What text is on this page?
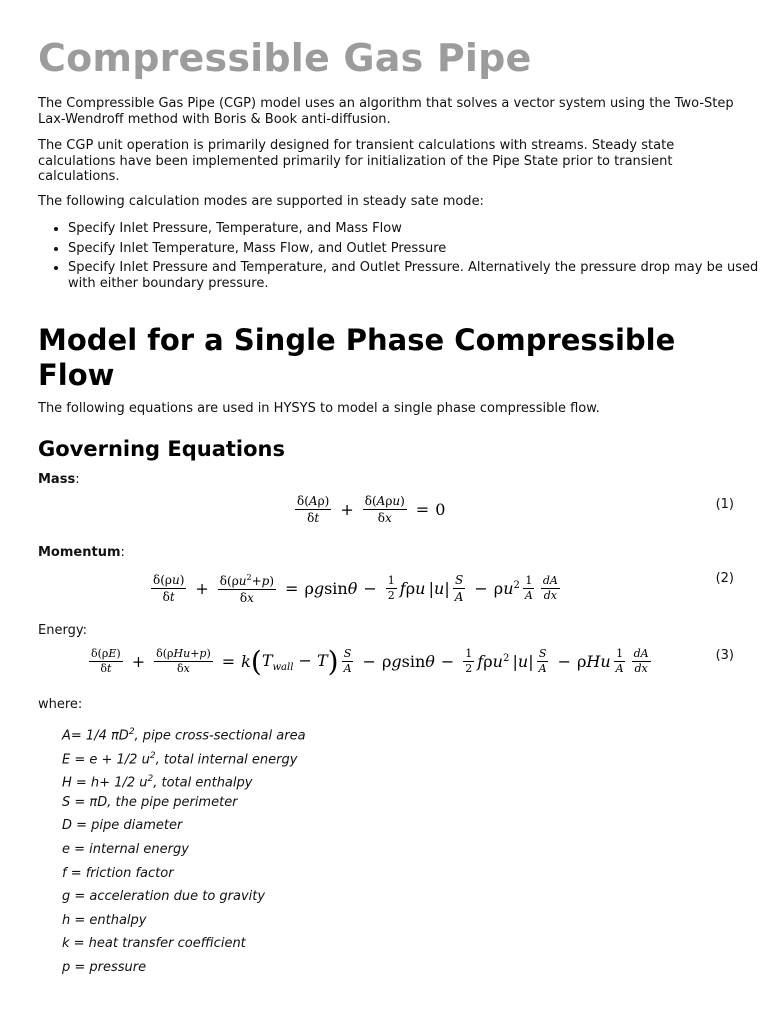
Compressible Gas Pipe

The Compressible Gas Pipe (CGP) model uses an algorithm that solves a vector system using the Two-Step Lax-Wendroff method with Boris & Book anti-diffusion.

The CGP unit operation is primarily designed for transient calculations with streams. Steady state calculations have been implemented primarily for initialization of the Pipe State prior to transient calculations.

The following calculation modes are supported in steady sate mode:

• Specify Inlet Pressure, Temperature, and Mass Flow
• Specify Inlet Temperature, Mass Flow, and Outlet Pressure
• Specify Inlet Pressure and Temperature, and Outlet Pressure. Alternatively the pressure drop may be used with either boundary pressure.
Model for a Single Phase Compressible Flow

The following equations are used in HYSYS to model a single phase compressible flow.

Governing Equations

Mass:

$\frac{\delta(A\rho)}{\delta t} + \frac{\text{δ(Aρu)}}{\delta x} = 0$	(1)

Momentum:

$\frac{\delta(\rho u)}{\delta t} + \frac{\delta(\rho u^2+p)}{\delta x} = \rho gsin\theta - \frac{1}{2}$ fρu $|u| \frac{S}{A} - \rho u^2 \frac{1}{A} \frac{dA}{dx}$	(2)

Energy:

$\frac{\delta(\rho E)}{\delta t} + \frac{\text{δ(ρHu+p)}}{\delta x} = k$ ( $T_{wall} - T$ ) $\frac{S}{A} - \rho gsin\theta - \frac{1}{2} f\rho u^2$ $|u| \frac{S}{A} - \rho Hu \frac{1}{A} \frac{dA}{dx}$	(3)

where:

A= 1/4 $\pi D^2$, pipe cross-sectional area
E = e + 1/2 $u^2$, total internal energy
H = h+ 1/2 $u^2$, total enthalpy
S = πD, the pipe perimeter
D = pipe diameter
e = internal energy
f = friction factor
g = acceleration due to gravity
h = enthalpy
k = heat transfer coefficient
p = pressure
